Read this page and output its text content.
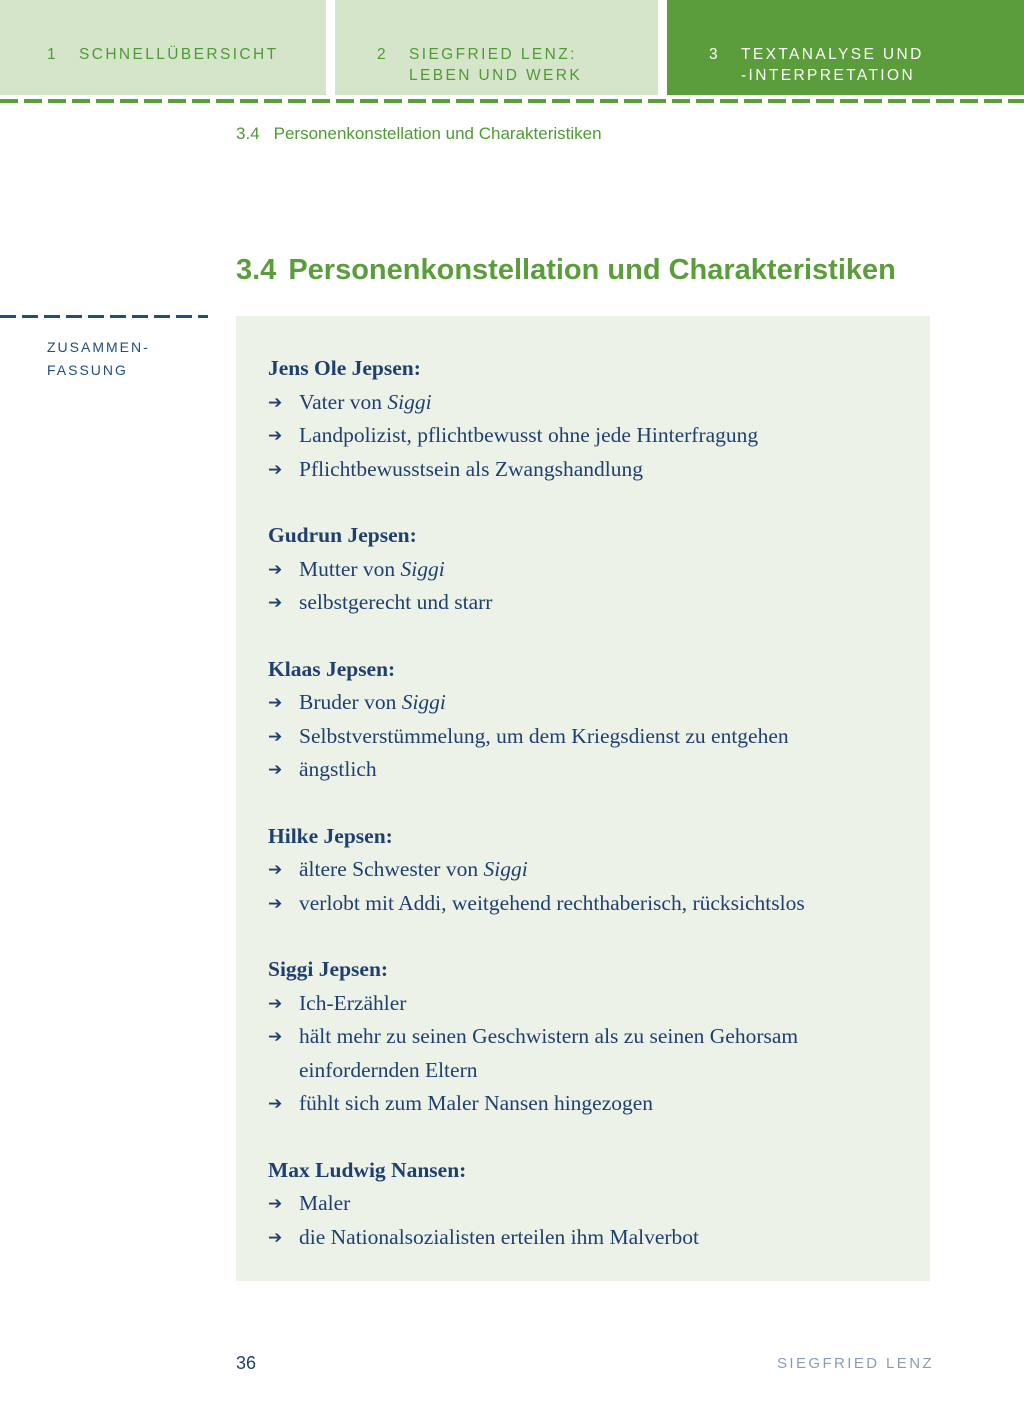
1 SCHNELLÜBERSICHT	2 SIEGFRIED LENZ:
LEBEN UND WERK
3 TEXTANALYSE UND
-INTERPRETATION
3.4 Personenkonstellation und Charakteristiken
3.4 Personenkonstellation und Charakteristiken
ZUSAMMEN-
FASSUNG	Jens Ole Jepsen:
➔ Vater von Siggi
➔ Landpolizist, pflichtbewusst ohne jede Hinterfragung
➔ Pflichtbewusstsein als Zwangshandlung
Gudrun Jepsen:
➔ Mutter von Siggi
➔ selbstgerecht und starr
Klaas Jepsen:
➔ Bruder von Siggi
➔ Selbstverstümmelung, um dem Kriegsdienst zu entgehen
➔ ängstlich
Hilke Jepsen:
➔ ältere Schwester von Siggi
➔ verlobt mit Addi, weitgehend rechthaberisch, rücksichtslos
Siggi Jepsen:
➔ Ich-Erzähler
➔ hält mehr zu seinen Geschwistern als zu seinen Gehorsam einfordernden Eltern
➔ fühlt sich zum Maler Nansen hingezogen
Max Ludwig Nansen:
➔ Maler
➔ die Nationalsozialisten erteilen ihm Malverbot
36	SIEGFRIED LENZ
